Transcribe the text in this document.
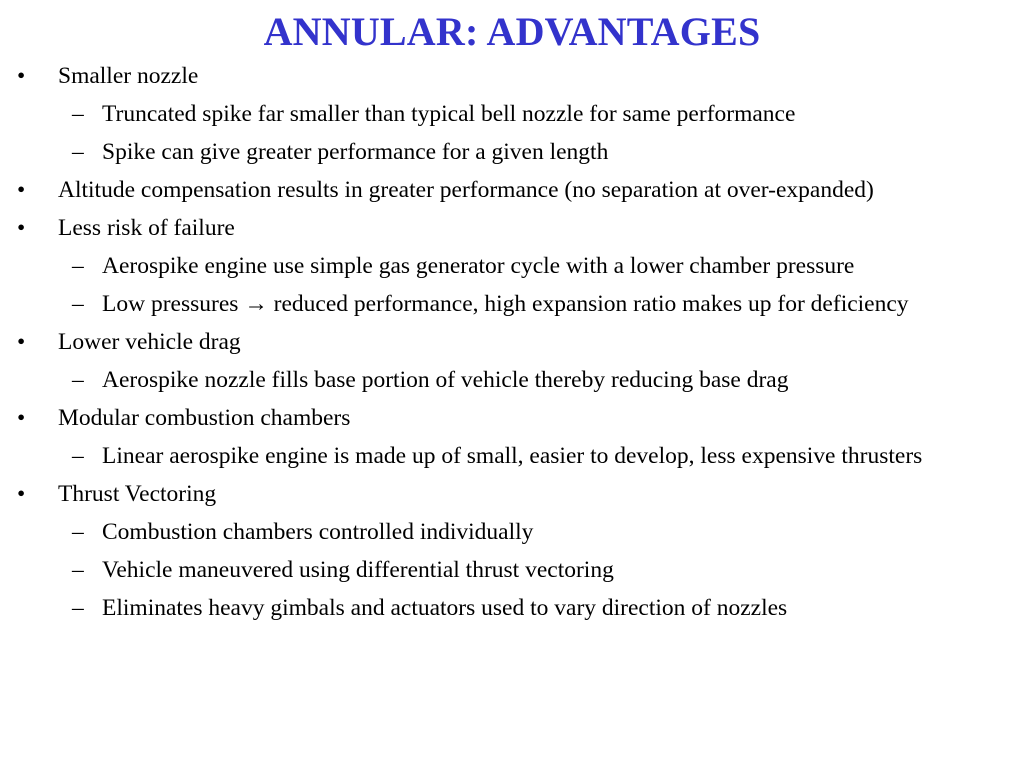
ANNULAR: ADVANTAGES
• Smaller nozzle
– Truncated spike far smaller than typical bell nozzle for same performance
– Spike can give greater performance for a given length
• Altitude compensation results in greater performance (no separation at over-expanded)
• Less risk of failure
– Aerospike engine use simple gas generator cycle with a lower chamber pressure
– Low pressures → reduced performance, high expansion ratio makes up for deficiency
• Lower vehicle drag
– Aerospike nozzle fills base portion of vehicle thereby reducing base drag
• Modular combustion chambers
– Linear aerospike engine is made up of small, easier to develop, less expensive thrusters
• Thrust Vectoring
– Combustion chambers controlled individually
– Vehicle maneuvered using differential thrust vectoring
– Eliminates heavy gimbals and actuators used to vary direction of nozzles
